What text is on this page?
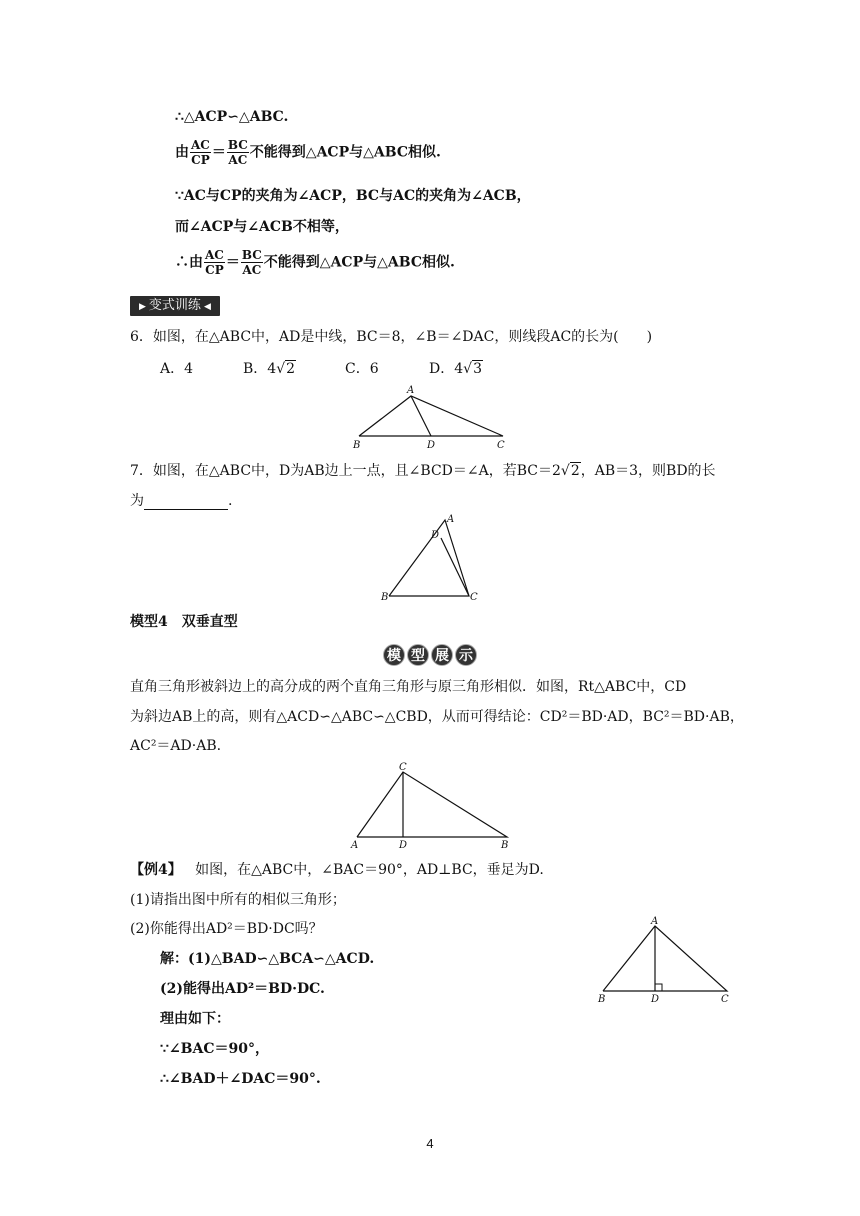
∴△ACP∽△ABC.
由 $\frac{AC}{CP} = \frac{BC}{AC}$ 不能得到△ACP与△ABC相似.
∵AC与CP的夹角为∠ACP，BC与AC的夹角为∠ACB，
而∠ACP与∠ACB不相等，
∴由 $\frac{AC}{CP} = \frac{BC}{AC}$ 不能得到△ACP与△ABC相似.
▶ 变式训练 ◀
6．如图，在△ABC中，AD是中线，BC＝8，∠B＝∠DAC，则线段AC的长为(　　)
A．4	B．4√2	C．6	D．4√3
A
B	D	C
7．如图，在△ABC中，D为AB边上一点，且∠BCD＝∠A，若BC＝2√2，AB＝3，则BD的长
为	.
A
D
B	C
模型4　双垂直型
模 型 展 示
直角三角形被斜边上的高分成的两个直角三角形与原三角形相似．如图，Rt△ABC中，CD
为斜边AB上的高，则有△ACD∽△ABC∽△CBD，从而可得结论：CD²＝BD·AD，BC²＝BD·AB，
AC²＝AD·AB.
C
A	D	B
【例4】 如图，在△ABC中，∠BAC＝90°，AD⊥BC，垂足为D.
(1)请指出图中所有的相似三角形；
(2)你能得出AD²＝BD·DC吗？
解：(1)△BAD∽△BCA∽△ACD.
(2)能得出AD²＝BD·DC.
理由如下：
∵∠BAC＝90°，
∴∠BAD＋∠DAC＝90°.
A
B	D	C
4
